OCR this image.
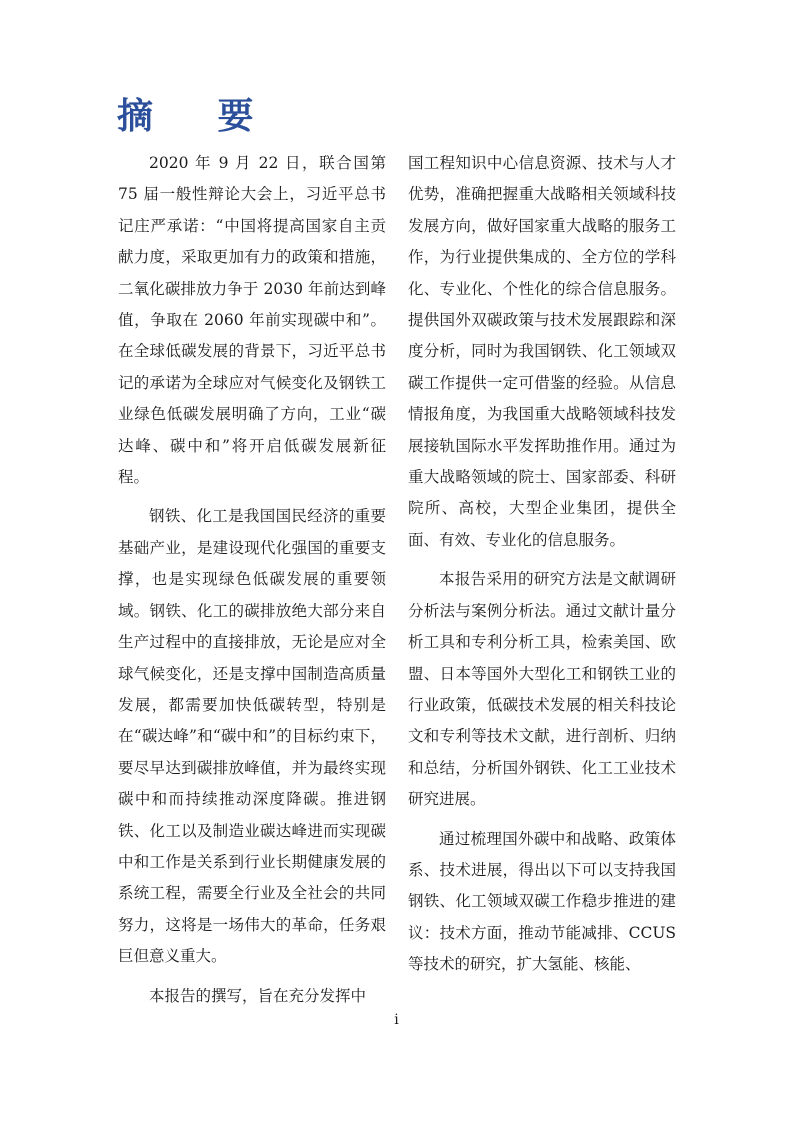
摘 要

2020 年 9 月 22 日，联合国第 75 届一般性辩论大会上，习近平总书记庄严承诺：“中国将提高国家自主贡献力度，采取更加有力的政策和措施，二氧化碳排放力争于 2030 年前达到峰值，争取在 2060 年前实现碳中和”。在全球低碳发展的背景下，习近平总书记的承诺为全球应对气候变化及钢铁工业绿色低碳发展明确了方向，工业“碳达峰、碳中和”将开启低碳发展新征程。

钢铁、化工是我国国民经济的重要基础产业，是建设现代化强国的重要支撑，也是实现绿色低碳发展的重要领域。钢铁、化工的碳排放绝大部分来自生产过程中的直接排放，无论是应对全球气候变化，还是支撑中国制造高质量发展，都需要加快低碳转型，特别是在“碳达峰”和“碳中和”的目标约束下，要尽早达到碳排放峰值，并为最终实现碳中和而持续推动深度降碳。推进钢铁、化工以及制造业碳达峰进而实现碳中和工作是关系到行业长期健康发展的系统工程，需要全行业及全社会的共同努力，这将是一场伟大的革命，任务艰巨但意义重大。

本报告的撰写，旨在充分发挥中

国工程知识中心信息资源、技术与人才优势，准确把握重大战略相关领域科技发展方向，做好国家重大战略的服务工作，为行业提供集成的、全方位的学科化、专业化、个性化的综合信息服务。提供国外双碳政策与技术发展跟踪和深度分析，同时为我国钢铁、化工领域双碳工作提供一定可借鉴的经验。从信息情报角度，为我国重大战略领域科技发展接轨国际水平发挥助推作用。通过为重大战略领域的院士、国家部委、科研院所、高校，大型企业集团，提供全面、有效、专业化的信息服务。

本报告采用的研究方法是文献调研分析法与案例分析法。通过文献计量分析工具和专利分析工具，检索美国、欧盟、日本等国外大型化工和钢铁工业的行业政策，低碳技术发展的相关科技论文和专利等技术文献，进行剖析、归纳和总结，分析国外钢铁、化工工业技术研究进展。

通过梳理国外碳中和战略、政策体系、技术进展，得出以下可以支持我国钢铁、化工领域双碳工作稳步推进的建议：技术方面，推动节能减排、CCUS 等技术的研究，扩大氢能、核能、

i
